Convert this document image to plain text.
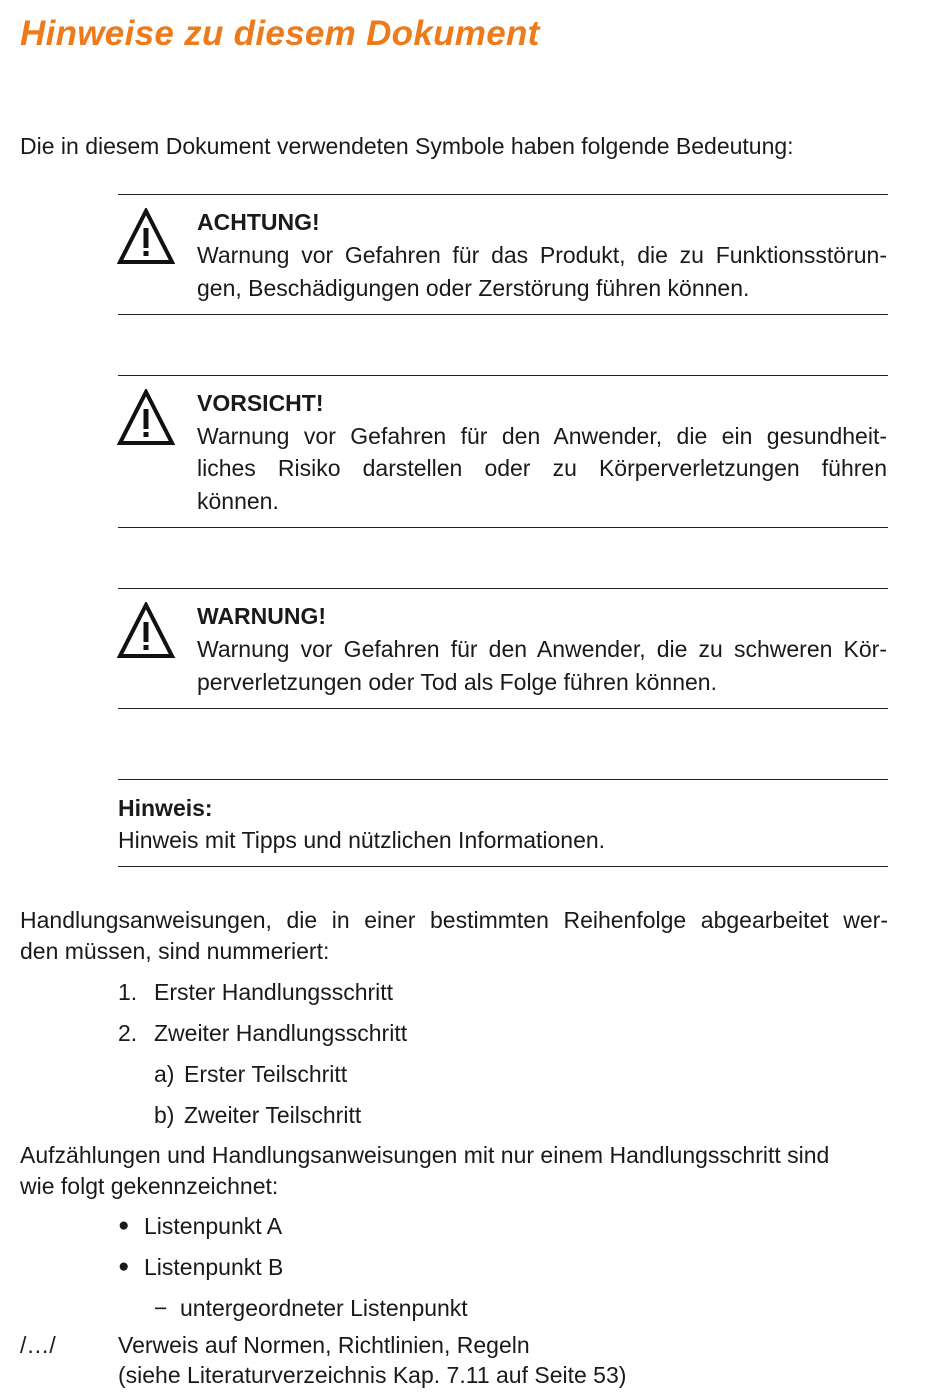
Hinweise zu diesem Dokument
Die in diesem Dokument verwendeten Symbole haben folgende Bedeutung:
ACHTUNG!
Warnung vor Gefahren für das Produkt, die zu Funktionsstörun-
gen, Beschädigungen oder Zerstörung führen können.
VORSICHT!
Warnung vor Gefahren für den Anwender, die ein gesundheit-
liches Risiko darstellen oder zu Körperverletzungen führen
können.
WARNUNG!
Warnung vor Gefahren für den Anwender, die zu schweren Kör-
perverletzungen oder Tod als Folge führen können.
Hinweis:
Hinweis mit Tipps und nützlichen Informationen.
Handlungsanweisungen, die in einer bestimmten Reihenfolge abgearbeitet wer-
den müssen, sind nummeriert:
1. Erster Handlungsschritt
2. Zweiter Handlungsschritt
a) Erster Teilschritt
b) Zweiter Teilschritt
Aufzählungen und Handlungsanweisungen mit nur einem Handlungsschritt sind
wie folgt gekennzeichnet:
● Listenpunkt A
● Listenpunkt B
− untergeordneter Listenpunkt
/…/	Verweis auf Normen, Richtlinien, Regeln
(siehe Literaturverzeichnis Kap. 7.11 auf Seite 53)
